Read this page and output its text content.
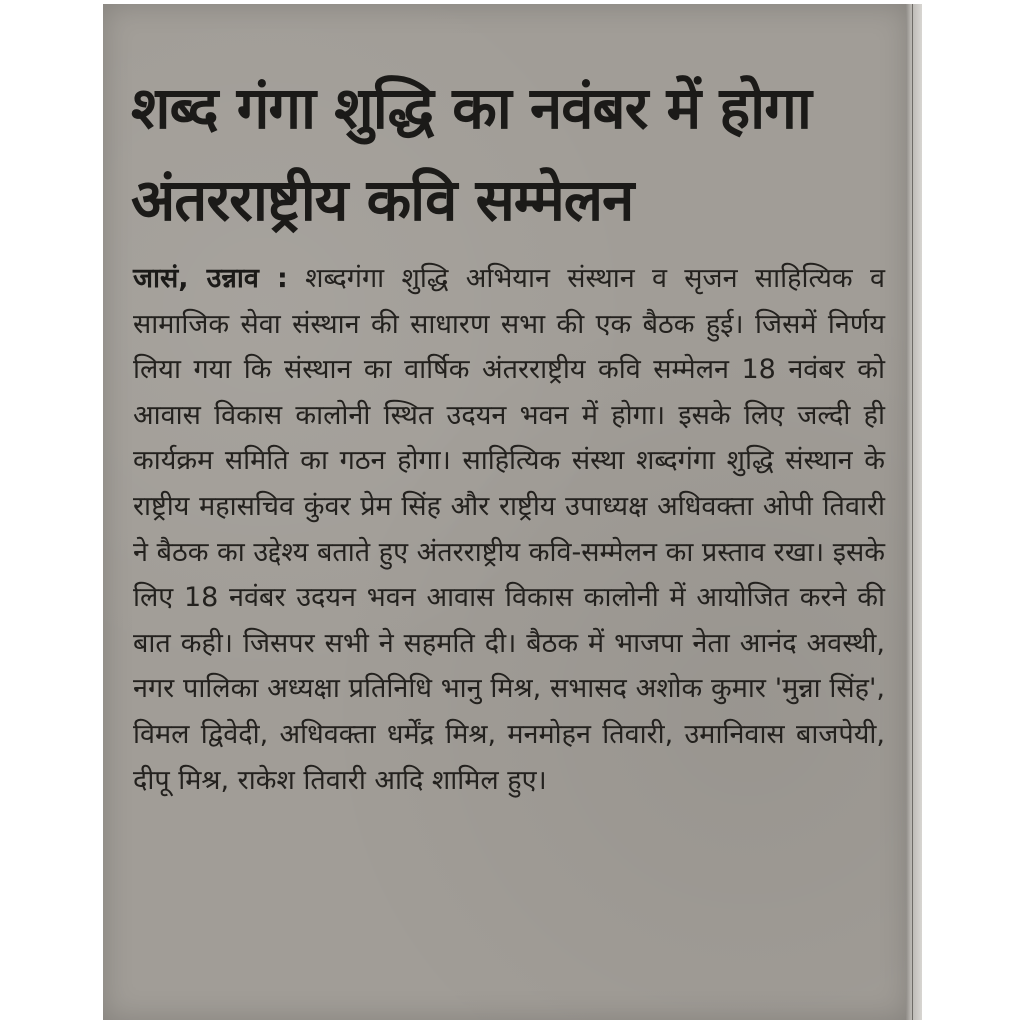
शब्द गंगा शुद्धि का नवंबर में होगा अंतरराष्ट्रीय कवि सम्मेलन

जासं, उन्नाव : शब्दगंगा शुद्धि अभियान संस्थान व सृजन साहित्यिक व सामाजिक सेवा संस्थान की साधारण सभा की एक बैठक हुई। जिसमें निर्णय लिया गया कि संस्थान का वार्षिक अंतरराष्ट्रीय कवि सम्मेलन 18 नवंबर को आवास विकास कालोनी स्थित उदयन भवन में होगा। इसके लिए जल्दी ही कार्यक्रम समिति का गठन होगा। साहित्यिक संस्था शब्दगंगा शुद्धि संस्थान के राष्ट्रीय महासचिव कुंवर प्रेम सिंह और राष्ट्रीय उपाध्यक्ष अधिवक्ता ओपी तिवारी ने बैठक का उद्देश्य बताते हुए अंतरराष्ट्रीय कवि-सम्मेलन का प्रस्ताव रखा। इसके लिए 18 नवंबर उदयन भवन आवास विकास कालोनी में आयोजित करने की बात कही। जिसपर सभी ने सहमति दी। बैठक में भाजपा नेता आनंद अवस्थी, नगर पालिका अध्यक्षा प्रतिनिधि भानु मिश्र, सभासद अशोक कुमार 'मुन्ना सिंह', विमल द्विवेदी, अधिवक्ता धर्मेंद्र मिश्र, मनमोहन तिवारी, उमानिवास बाजपेयी, दीपू मिश्र, राकेश तिवारी आदि शामिल हुए।
